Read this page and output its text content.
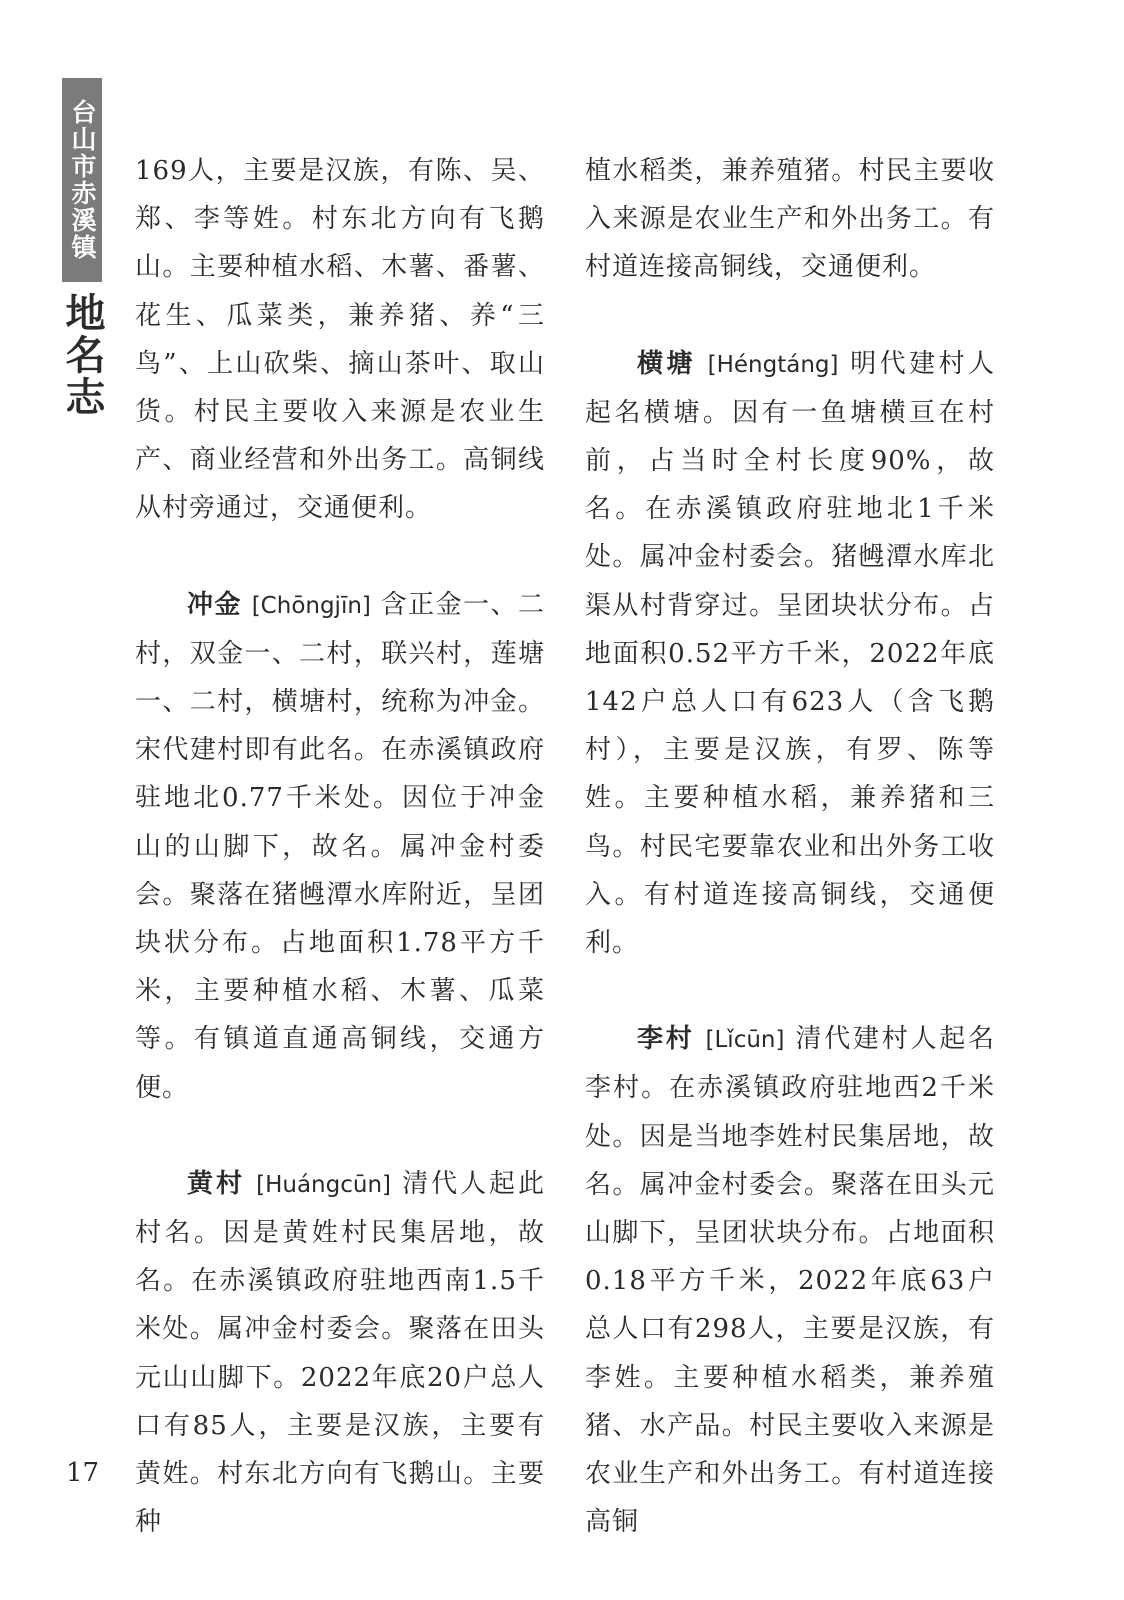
台山市赤溪镇
地名志

169人，主要是汉族，有陈、吴、郑、李等姓。村东北方向有飞鹅山。主要种植水稻、木薯、番薯、花生、瓜菜类，兼养猪、养“三鸟”、上山砍柴、摘山茶叶、取山货。村民主要收入来源是农业生产、商业经营和外出务工。高铜线从村旁通过，交通便利。

冲金 [Chōngjīn] 含正金一、二村，双金一、二村，联兴村，莲塘一、二村，横塘村，统称为冲金。宋代建村即有此名。在赤溪镇政府驻地北0.77千米处。因位于冲金山的山脚下，故名。属冲金村委会。聚落在猪乸潭水库附近，呈团块状分布。占地面积1.78平方千米，主要种植水稻、木薯、瓜菜等。有镇道直通高铜线，交通方便。

黄村 [Huángcūn] 清代人起此村名。因是黄姓村民集居地，故名。在赤溪镇政府驻地西南1.5千米处。属冲金村委会。聚落在田头元山山脚下。2022年底20户总人口有85人，主要是汉族，主要有黄姓。村东北方向有飞鹅山。主要种

植水稻类，兼养殖猪。村民主要收入来源是农业生产和外出务工。有村道连接高铜线，交通便利。

横塘 [Héngtáng] 明代建村人起名横塘。因有一鱼塘横亘在村前，占当时全村长度90%，故名。在赤溪镇政府驻地北1千米处。属冲金村委会。猪乸潭水库北渠从村背穿过。呈团块状分布。占地面积0.52平方千米，2022年底142户总人口有623人（含飞鹅村），主要是汉族，有罗、陈等姓。主要种植水稻，兼养猪和三鸟。村民宅要靠农业和出外务工收入。有村道连接高铜线，交通便利。

李村 [Lǐcūn] 清代建村人起名李村。在赤溪镇政府驻地西2千米处。因是当地李姓村民集居地，故名。属冲金村委会。聚落在田头元山脚下，呈团状块分布。占地面积0.18平方千米，2022年底63户总人口有298人，主要是汉族，有李姓。主要种植水稻类，兼养殖猪、水产品。村民主要收入来源是农业生产和外出务工。有村道连接高铜

17
